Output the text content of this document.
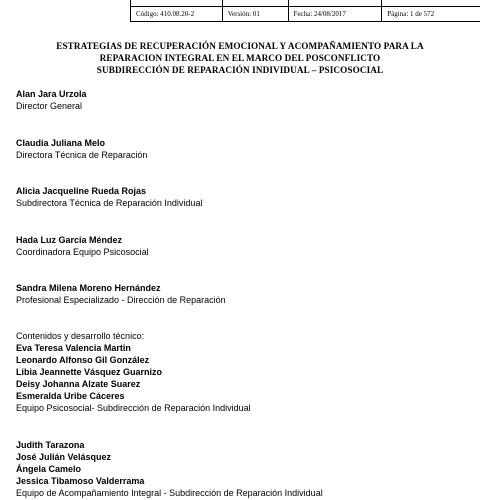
Código: 410.08.20-2	Versión: 01	Fecha: 24/08/2017	Página: 1 de 572
ESTRATEGIAS DE RECUPERACIÓN EMOCIONAL Y ACOMPAÑAMIENTO PARA LA
REPARACION INTEGRAL EN EL MARCO DEL POSCONFLICTO
SUBDIRECCIÓN DE REPARACIÓN INDIVIDUAL – PSICOSOCIAL
Alan Jara Urzola
Director General
Claudia Juliana Melo
Directora Técnica de Reparación
Alicia Jacqueline Rueda Rojas
Subdirectora Técnica de Reparación Individual
Hada Luz García Méndez
Coordinadora Equipo Psicosocial
Sandra Milena Moreno Hernández
Profesional Especializado - Dirección de Reparación
Contenidos y desarrollo técnico:
Eva Teresa Valencia Martin
Leonardo Alfonso Gil González
Libia Jeannette Vásquez Guarnizo
Deisy Johanna Alzate Suarez
Esmeralda Uribe Cáceres
Equipo Psicosocial- Subdirección de Reparación Individual
Judith Tarazona
José Julián Velásquez
Ángela Camelo
Jessica Tibamoso Valderrama
Equipo de Acompañamiento Integral - Subdirección de Reparación Individual
